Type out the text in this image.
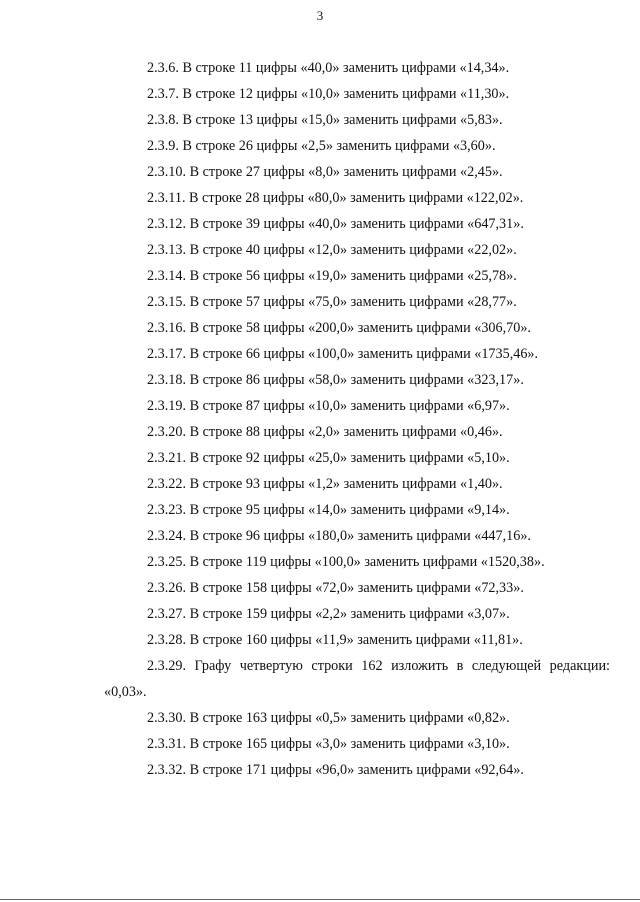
3

2.3.6. В строке 11 цифры «40,0» заменить цифрами «14,34».

2.3.7. В строке 12 цифры «10,0» заменить цифрами «11,30».

2.3.8. В строке 13 цифры «15,0» заменить цифрами «5,83».

2.3.9. В строке 26 цифры «2,5» заменить цифрами «3,60».

2.3.10. В строке 27 цифры «8,0» заменить цифрами «2,45».

2.3.11. В строке 28 цифры «80,0» заменить цифрами «122,02».

2.3.12. В строке 39 цифры «40,0» заменить цифрами «647,31».

2.3.13. В строке 40 цифры «12,0» заменить цифрами «22,02».

2.3.14. В строке 56 цифры «19,0» заменить цифрами «25,78».

2.3.15. В строке 57 цифры «75,0» заменить цифрами «28,77».

2.3.16. В строке 58 цифры «200,0» заменить цифрами «306,70».

2.3.17. В строке 66 цифры «100,0» заменить цифрами «1735,46».

2.3.18. В строке 86 цифры «58,0» заменить цифрами «323,17».

2.3.19. В строке 87 цифры «10,0» заменить цифрами «6,97».

2.3.20. В строке 88 цифры «2,0» заменить цифрами «0,46».

2.3.21. В строке 92 цифры «25,0» заменить цифрами «5,10».

2.3.22. В строке 93 цифры «1,2» заменить цифрами «1,40».

2.3.23. В строке 95 цифры «14,0» заменить цифрами «9,14».

2.3.24. В строке 96 цифры «180,0» заменить цифрами «447,16».

2.3.25. В строке 119 цифры «100,0» заменить цифрами «1520,38».

2.3.26. В строке 158 цифры «72,0» заменить цифрами «72,33».

2.3.27. В строке 159 цифры «2,2» заменить цифрами «3,07».

2.3.28. В строке 160 цифры «11,9» заменить цифрами «11,81».

2.3.29. Графу четвертую строки 162 изложить в следующей редакции: «0,03».

2.3.30. В строке 163 цифры «0,5» заменить цифрами «0,82».

2.3.31. В строке 165 цифры «3,0» заменить цифрами «3,10».

2.3.32. В строке 171 цифры «96,0» заменить цифрами «92,64».
